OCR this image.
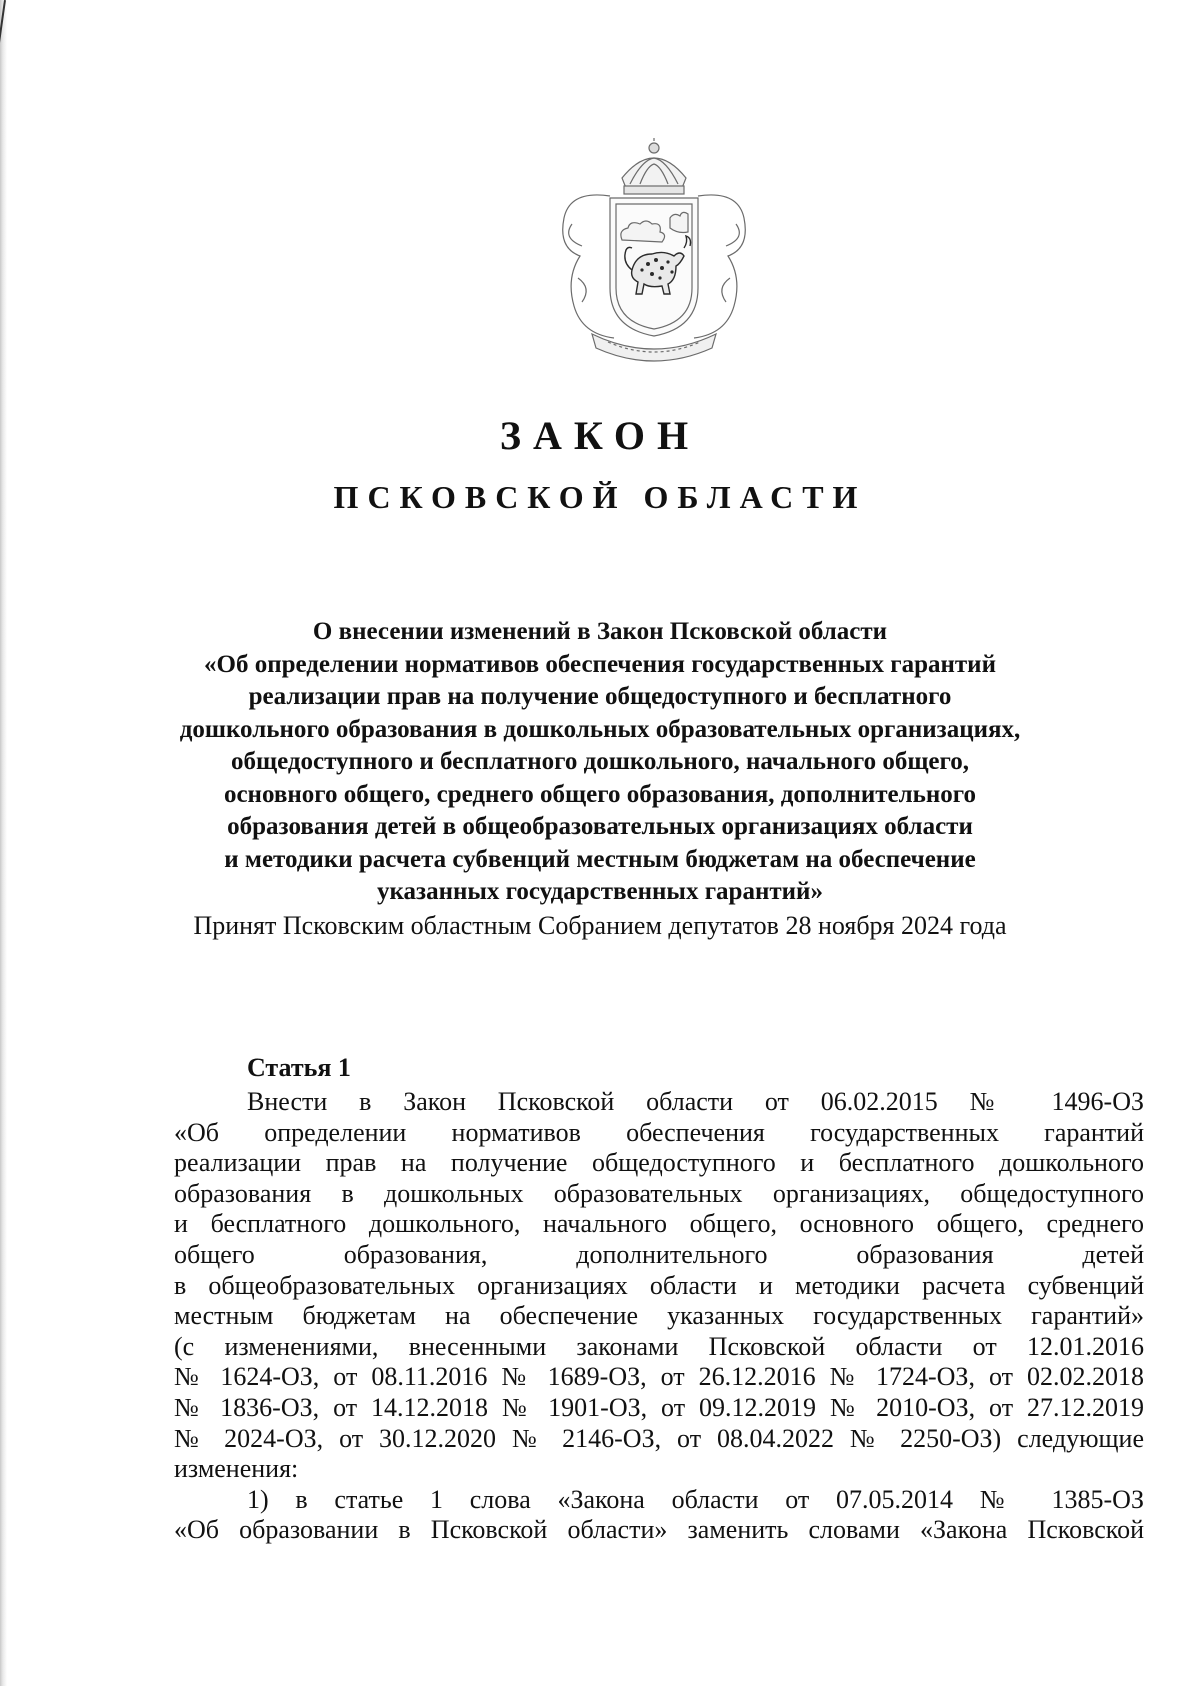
ЗАКОН
ПСКОВСКОЙ ОБЛАСТИ
О внесении изменений в Закон Псковской области
«Об определении нормативов обеспечения государственных гарантий
реализации прав на получение общедоступного и бесплатного
дошкольного образования в дошкольных образовательных организациях,
общедоступного и бесплатного дошкольного, начального общего,
основного общего, среднего общего образования, дополнительного
образования детей в общеобразовательных организациях области
и методики расчета субвенций местным бюджетам на обеспечение
указанных государственных гарантий»
Принят Псковским областным Собранием депутатов 28 ноября 2024 года
Статья 1
Внести в Закон Псковской области от 06.02.2015 № 1496-ОЗ
«Об определении нормативов обеспечения государственных гарантий
реализации прав на получение общедоступного и бесплатного дошкольного
образования в дошкольных образовательных организациях, общедоступного
и бесплатного дошкольного, начального общего, основного общего, среднего
общего образования, дополнительного образования детей
в общеобразовательных организациях области и методики расчета субвенций
местным бюджетам на обеспечение указанных государственных гарантий»
(с изменениями, внесенными законами Псковской области от 12.01.2016
№ 1624-ОЗ, от 08.11.2016 № 1689-ОЗ, от 26.12.2016 № 1724-ОЗ, от 02.02.2018
№ 1836-ОЗ, от 14.12.2018 № 1901-ОЗ, от 09.12.2019 № 2010-ОЗ, от 27.12.2019
№ 2024-ОЗ, от 30.12.2020 № 2146-ОЗ, от 08.04.2022 № 2250-ОЗ) следующие
изменения:
1) в статье 1 слова «Закона области от 07.05.2014 № 1385-ОЗ
«Об образовании в Псковской области» заменить словами «Закона Псковской
